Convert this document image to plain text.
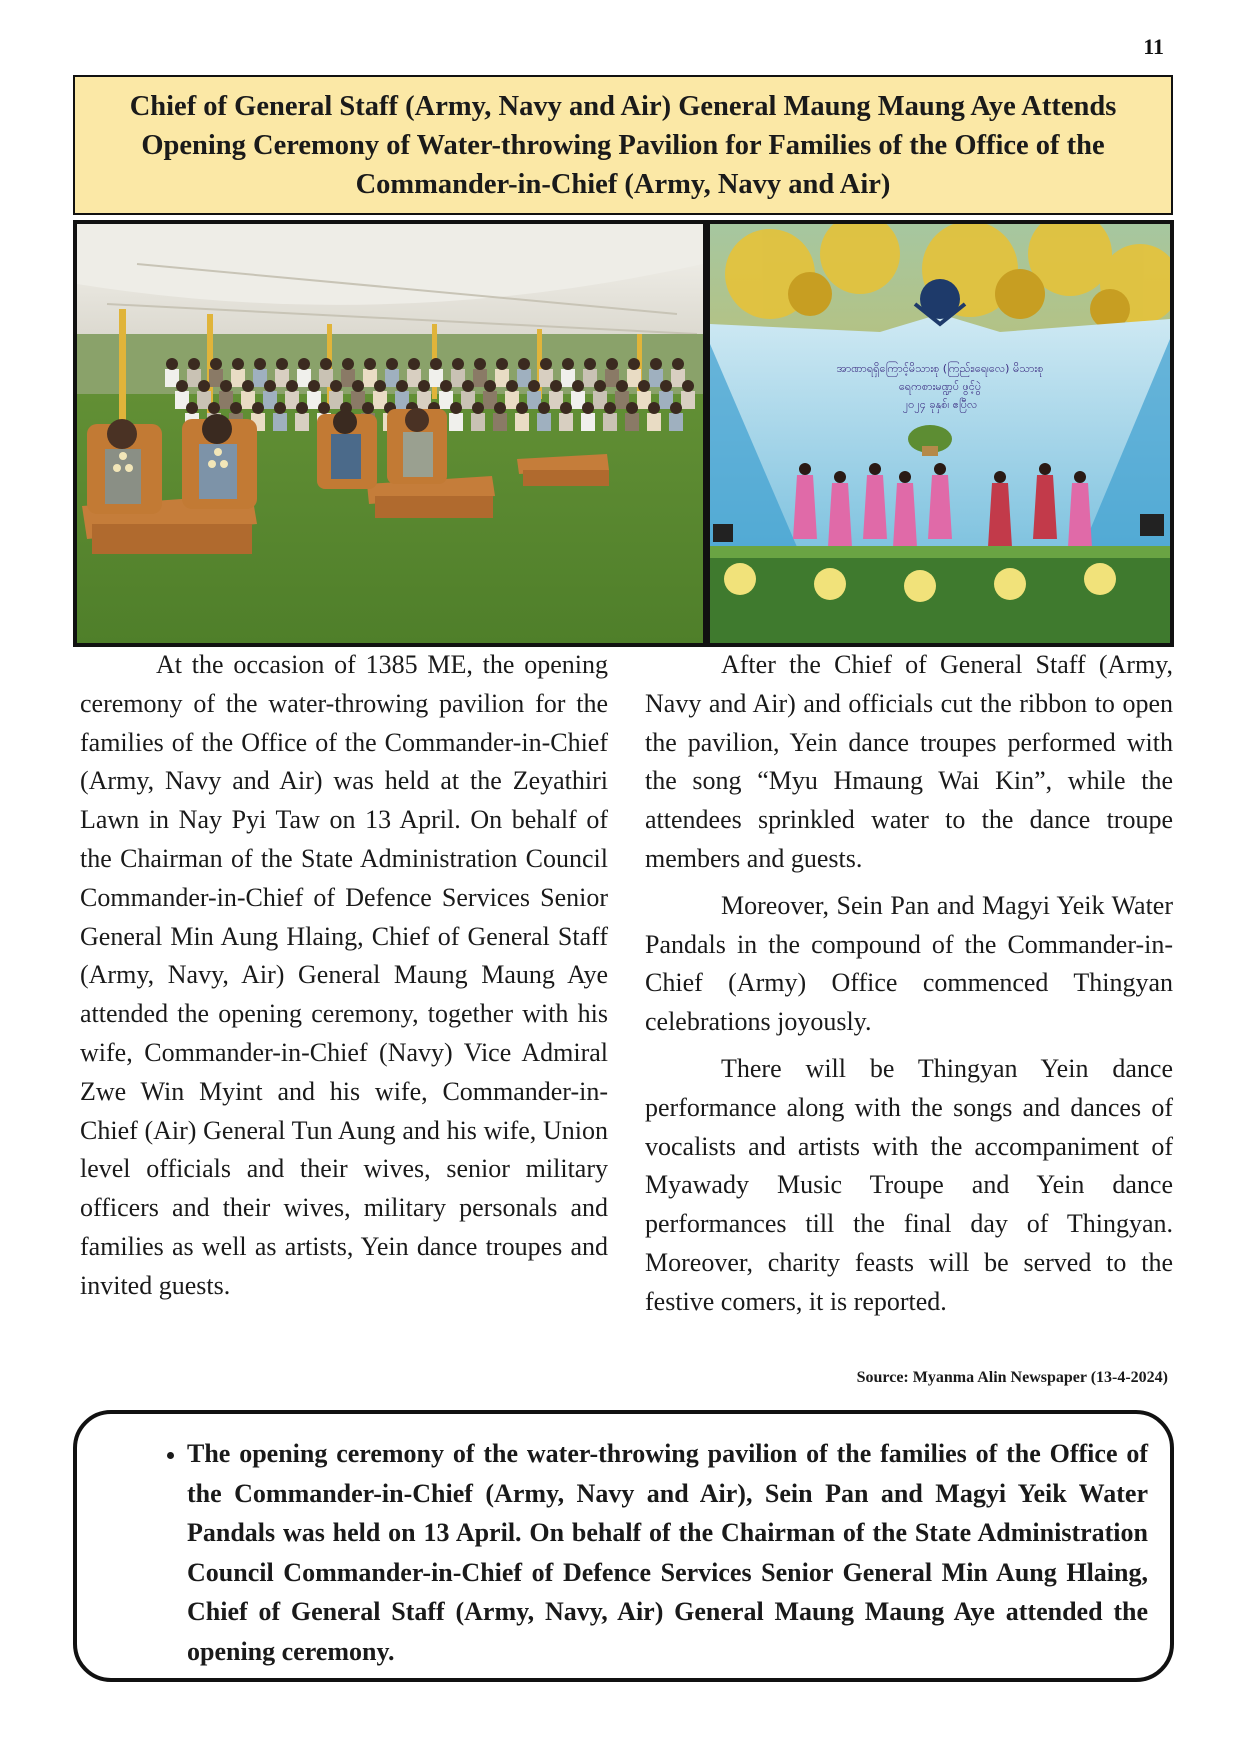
11
Chief of General Staff (Army, Navy and Air) General Maung Maung Aye Attends Opening Ceremony of Water-throwing Pavilion for Families of the Office of the Commander-in-Chief (Army, Navy and Air)
အာဏာရရှိကြောင့်မိသားစု (ကြည်း၊ရေ၊လေ) မိသားစု
ရေကစားမဏ္ဍပ် ဖွင့်ပွဲ
၂၀၂၄ ခုနှစ်၊ ဧပြီလ

At the occasion of 1385 ME, the opening ceremony of the water-throwing pavilion for the families of the Office of the Commander-in-Chief (Army, Navy and Air) was held at the Zeyathiri Lawn in Nay Pyi Taw on 13 April. On behalf of the Chairman of the State Administration Council Commander-in-Chief of Defence Services Senior General Min Aung Hlaing, Chief of General Staff (Army, Navy, Air) General Maung Maung Aye attended the opening ceremony, together with his wife, Commander-in-Chief (Navy) Vice Admiral Zwe Win Myint and his wife, Commander-in-Chief (Air) General Tun Aung and his wife, Union level officials and their wives, senior military officers and their wives, military personals and families as well as artists, Yein dance troupes and invited guests.

After the Chief of General Staff (Army, Navy and Air) and officials cut the ribbon to open the pavilion, Yein dance troupes performed with the song “Myu Hmaung Wai Kin”, while the attendees sprinkled water to the dance troupe members and guests.

Moreover, Sein Pan and Magyi Yeik Water Pandals in the compound of the Commander-in-Chief (Army) Office commenced Thingyan celebrations joyously.

There will be Thingyan Yein dance performance along with the songs and dances of vocalists and artists with the accompaniment of Myawady Music Troupe and Yein dance performances till the final day of Thingyan. Moreover, charity feasts will be served to the festive comers, it is reported.

Source: Myanma Alin Newspaper (13-4-2024)
• The opening ceremony of the water-throwing pavilion of the families of the Office of the Commander-in-Chief (Army, Navy and Air), Sein Pan and Magyi Yeik Water Pandals was held on 13 April. On behalf of the Chairman of the State Administration Council Commander-in-Chief of Defence Services Senior General Min Aung Hlaing, Chief of General Staff (Army, Navy, Air) General Maung Maung Aye attended the opening ceremony.
